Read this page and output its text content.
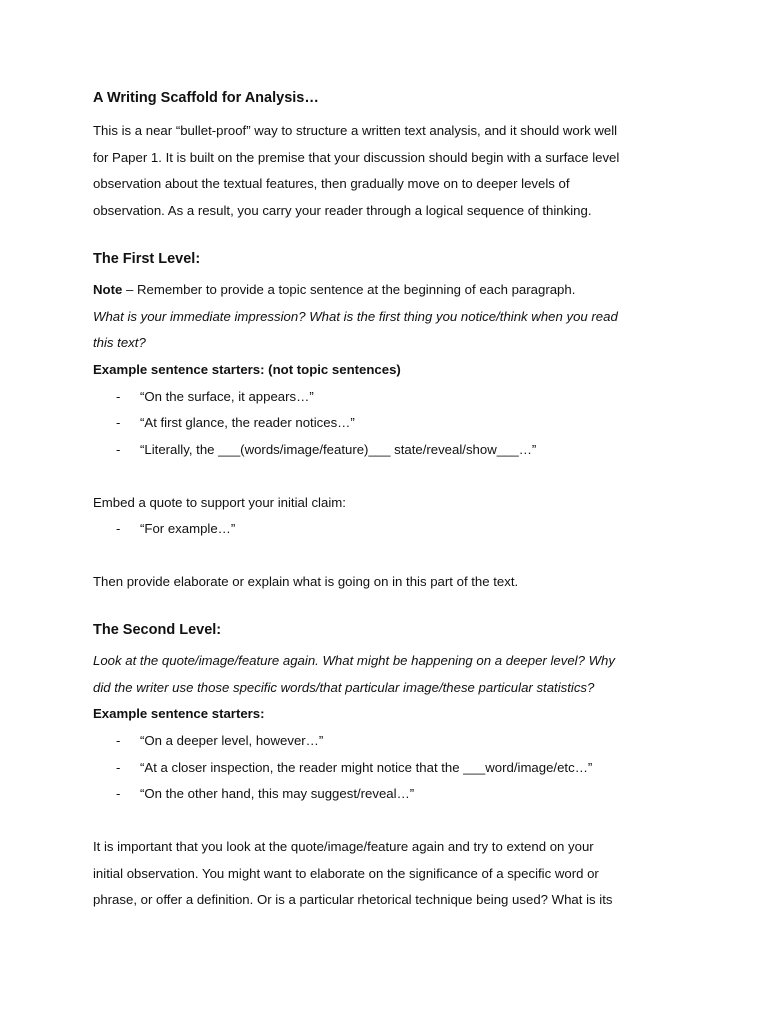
A Writing Scaffold for Analysis…
This is a near “bullet-proof” way to structure a written text analysis, and it should work well
for Paper 1. It is built on the premise that your discussion should begin with a surface level
observation about the textual features, then gradually move on to deeper levels of
observation. As a result, you carry your reader through a logical sequence of thinking.
The First Level:
Note – Remember to provide a topic sentence at the beginning of each paragraph.
What is your immediate impression? What is the first thing you notice/think when you read
this text?
Example sentence starters: (not topic sentences)
- “On the surface, it appears…”
- “At first glance, the reader notices…”
- “Literally, the ___(words/image/feature)___ state/reveal/show___…”
Embed a quote to support your initial claim:
- “For example…”
Then provide elaborate or explain what is going on in this part of the text.
The Second Level:
Look at the quote/image/feature again. What might be happening on a deeper level? Why
did the writer use those specific words/that particular image/these particular statistics?
Example sentence starters:
- “On a deeper level, however…”
- “At a closer inspection, the reader might notice that the ___word/image/etc…”
- “On the other hand, this may suggest/reveal…”
It is important that you look at the quote/image/feature again and try to extend on your
initial observation. You might want to elaborate on the significance of a specific word or
phrase, or offer a definition. Or is a particular rhetorical technique being used? What is its
